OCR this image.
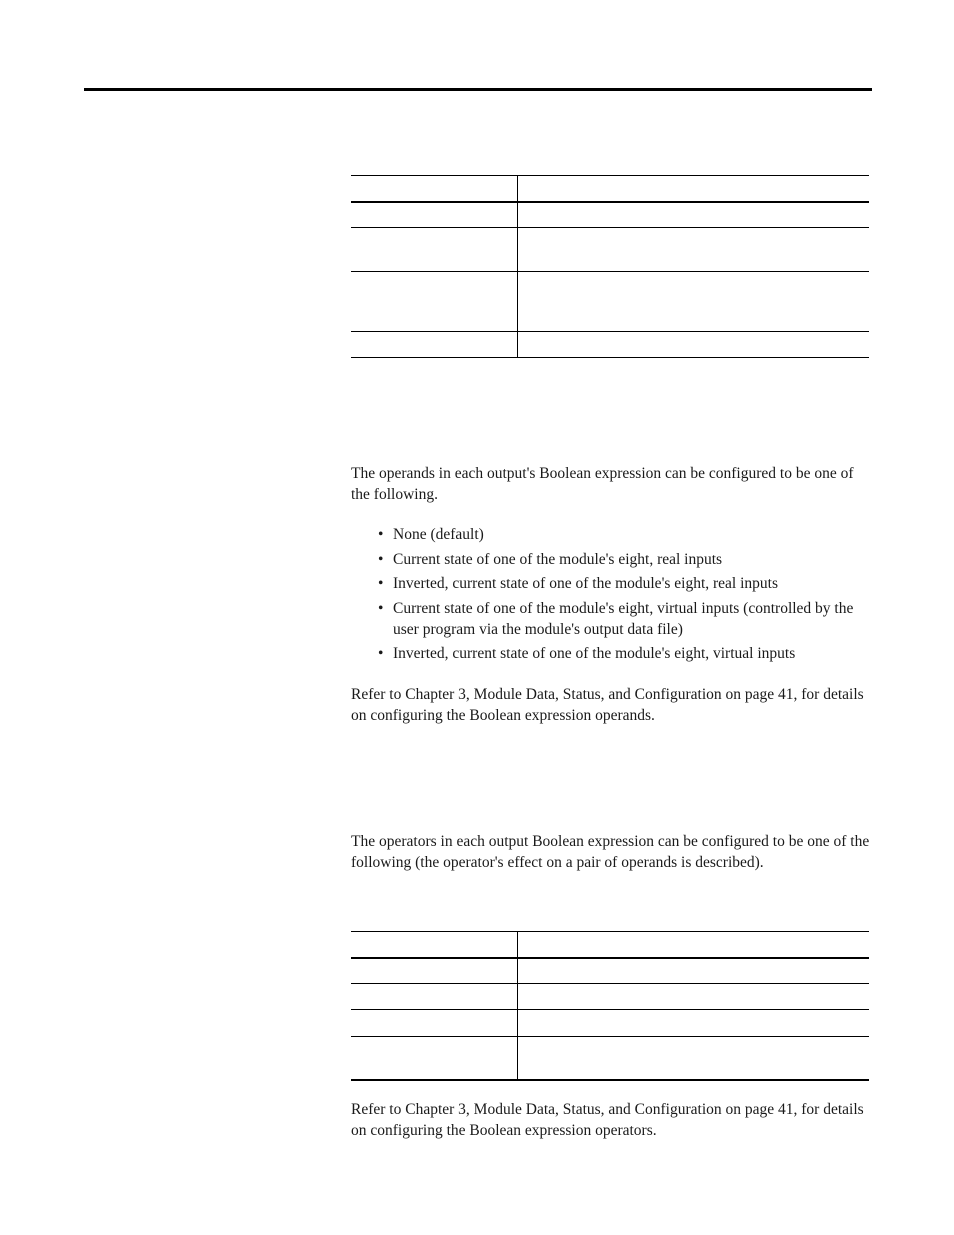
The operands in each output's Boolean expression can be configured to be one of the following.

• None (default)
• Current state of one of the module's eight, real inputs
• Inverted, current state of one of the module's eight, real inputs
• Current state of one of the module's eight, virtual inputs (controlled by the user program via the module's output data file)
• Inverted, current state of one of the module's eight, virtual inputs

Refer to Chapter 3, Module Data, Status, and Configuration on page 41, for details on configuring the Boolean expression operands.

The operators in each output Boolean expression can be configured to be one of the following (the operator's effect on a pair of operands is described).

Refer to Chapter 3, Module Data, Status, and Configuration on page 41, for details on configuring the Boolean expression operators.
